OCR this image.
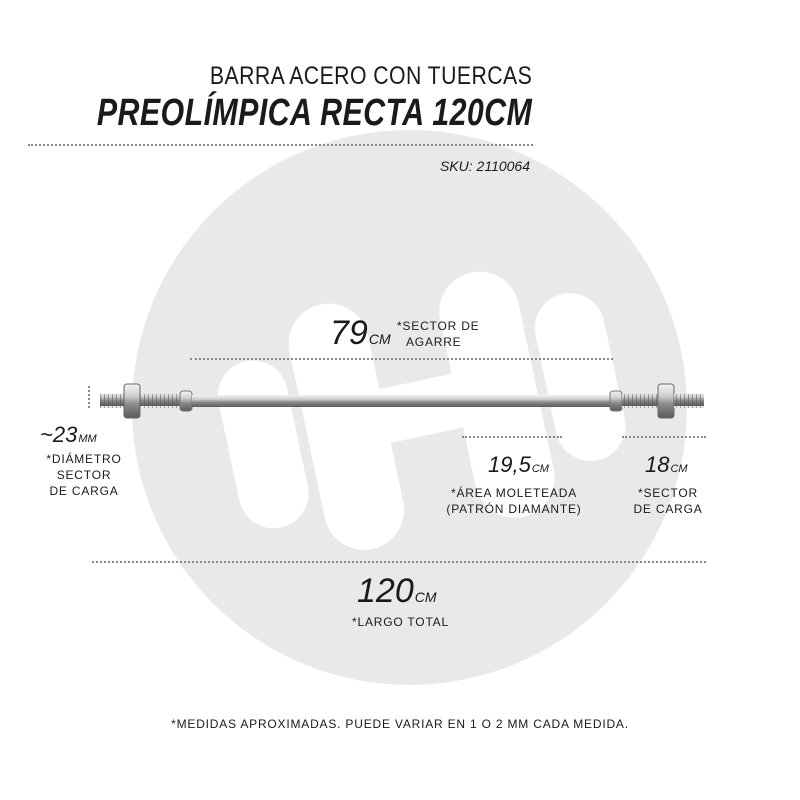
BARRA ACERO CON TUERCAS
PREOLÍMPICA RECTA 120CM
SKU: 2110064
79CM
*SECTOR DE
AGARRE
~23MM
*DIÁMETRO
SECTOR
DE CARGA
19,5CM
*ÁREA MOLETEADA
(PATRÓN DIAMANTE)
18CM
*SECTOR
DE CARGA
120CM
*LARGO TOTAL
*MEDIDAS APROXIMADAS. PUEDE VARIAR EN 1 O 2 MM CADA MEDIDA.
